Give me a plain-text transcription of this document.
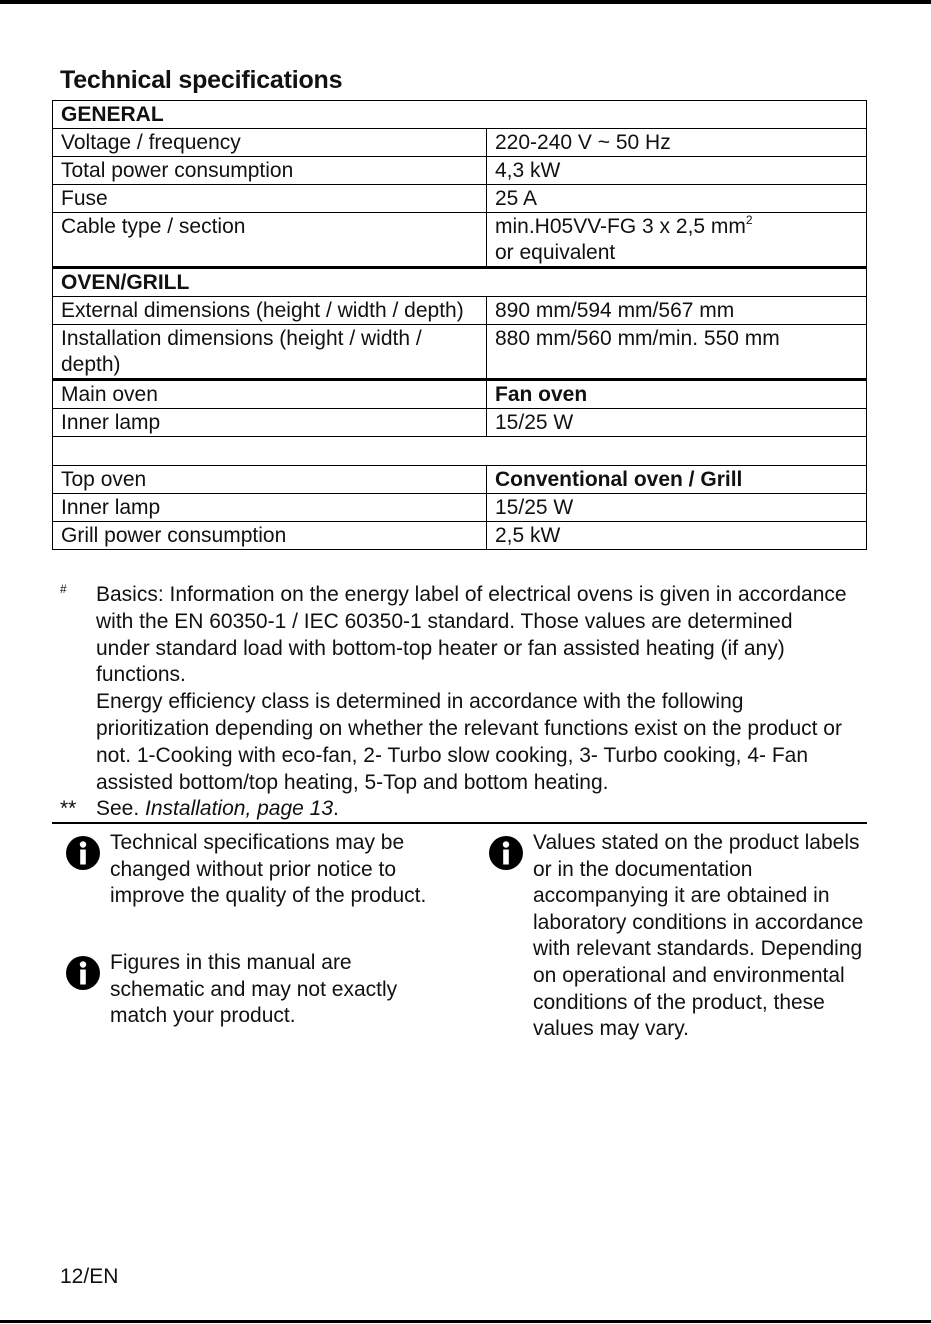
Technical specifications
GENERAL	
Voltage / frequency	220-240 V ~ 50 Hz
Total power consumption	4,3 kW
Fuse	25 A
Cable type / section	min.H05VV-FG 3 x 2,5 $mm^2$
or equivalent
OVEN/GRILL	
External dimensions (height / width / depth)	890 mm/594 mm/567 mm
Installation dimensions (height / width / depth)	880 mm/560 mm/min. 550 mm
Main oven	Fan oven
Inner lamp	15/25 W

Top oven	Conventional oven / Grill
Inner lamp	15/25 W
Grill power consumption	2,5 kW
# Basics: Information on the energy label of electrical ovens is given in accordance with the EN 60350-1 / IEC 60350-1 standard. Those values are determined under standard load with bottom-top heater or fan assisted heating (if any) functions.

Energy efficiency class is determined in accordance with the following prioritization depending on whether the relevant functions exist on the product or not. 1-Cooking with eco-fan, 2- Turbo slow cooking, 3- Turbo cooking, 4- Fan assisted bottom/top heating, 5-Top and bottom heating.

** See. Installation, page 13.

Technical specifications may be changed without prior notice to improve the quality of the product.
Figures in this manual are schematic and may not exactly match your product.
Values stated on the product labels or in the documentation accompanying it are obtained in laboratory conditions in accordance with relevant standards. Depending on operational and environmental conditions of the product, these values may vary.
12/EN
